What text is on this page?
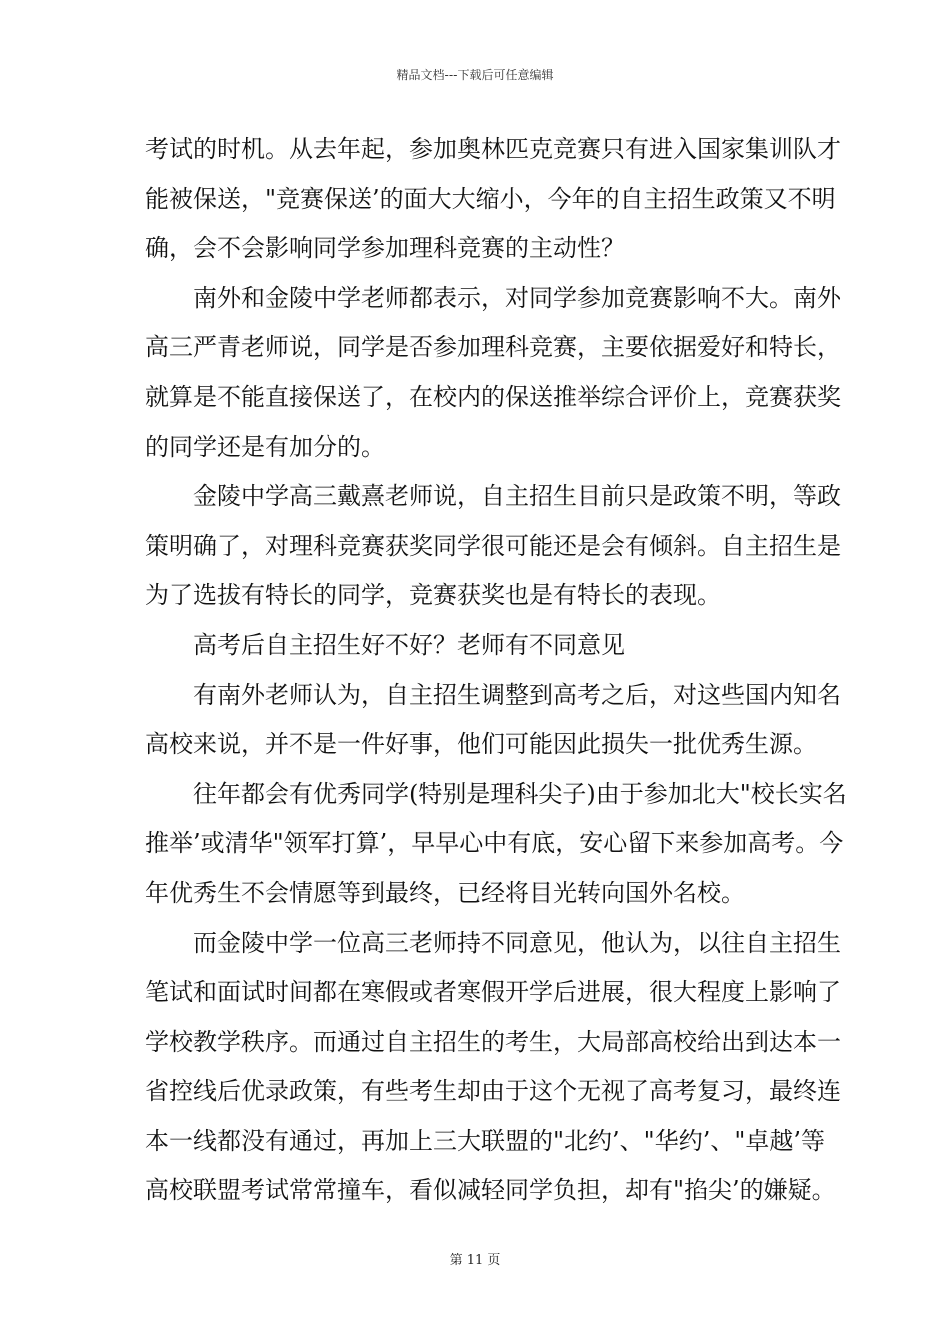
精品文档---下载后可任意编辑
考试的时机。从去年起，参加奥林匹克竞赛只有进入国家集训队才
能被保送，"竞赛保送’的面大大缩小，今年的自主招生政策又不明
确，会不会影响同学参加理科竞赛的主动性？
南外和金陵中学老师都表示，对同学参加竞赛影响不大。南外
高三严青老师说，同学是否参加理科竞赛，主要依据爱好和特长，
就算是不能直接保送了，在校内的保送推举综合评价上，竞赛获奖
的同学还是有加分的。
金陵中学高三戴熹老师说，自主招生目前只是政策不明，等政
策明确了，对理科竞赛获奖同学很可能还是会有倾斜。自主招生是
为了选拔有特长的同学，竞赛获奖也是有特长的表现。
高考后自主招生好不好？老师有不同意见
有南外老师认为，自主招生调整到高考之后，对这些国内知名
高校来说，并不是一件好事，他们可能因此损失一批优秀生源。
往年都会有优秀同学(特别是理科尖子)由于参加北大"校长实名
推举’或清华"领军打算’，早早心中有底，安心留下来参加高考。今
年优秀生不会情愿等到最终，已经将目光转向国外名校。
而金陵中学一位高三老师持不同意见，他认为，以往自主招生
笔试和面试时间都在寒假或者寒假开学后进展，很大程度上影响了
学校教学秩序。而通过自主招生的考生，大局部高校给出到达本一
省控线后优录政策，有些考生却由于这个无视了高考复习，最终连
本一线都没有通过，再加上三大联盟的"北约’、"华约’、"卓越’等
高校联盟考试常常撞车，看似减轻同学负担，却有"掐尖’的嫌疑。
第 11 页
